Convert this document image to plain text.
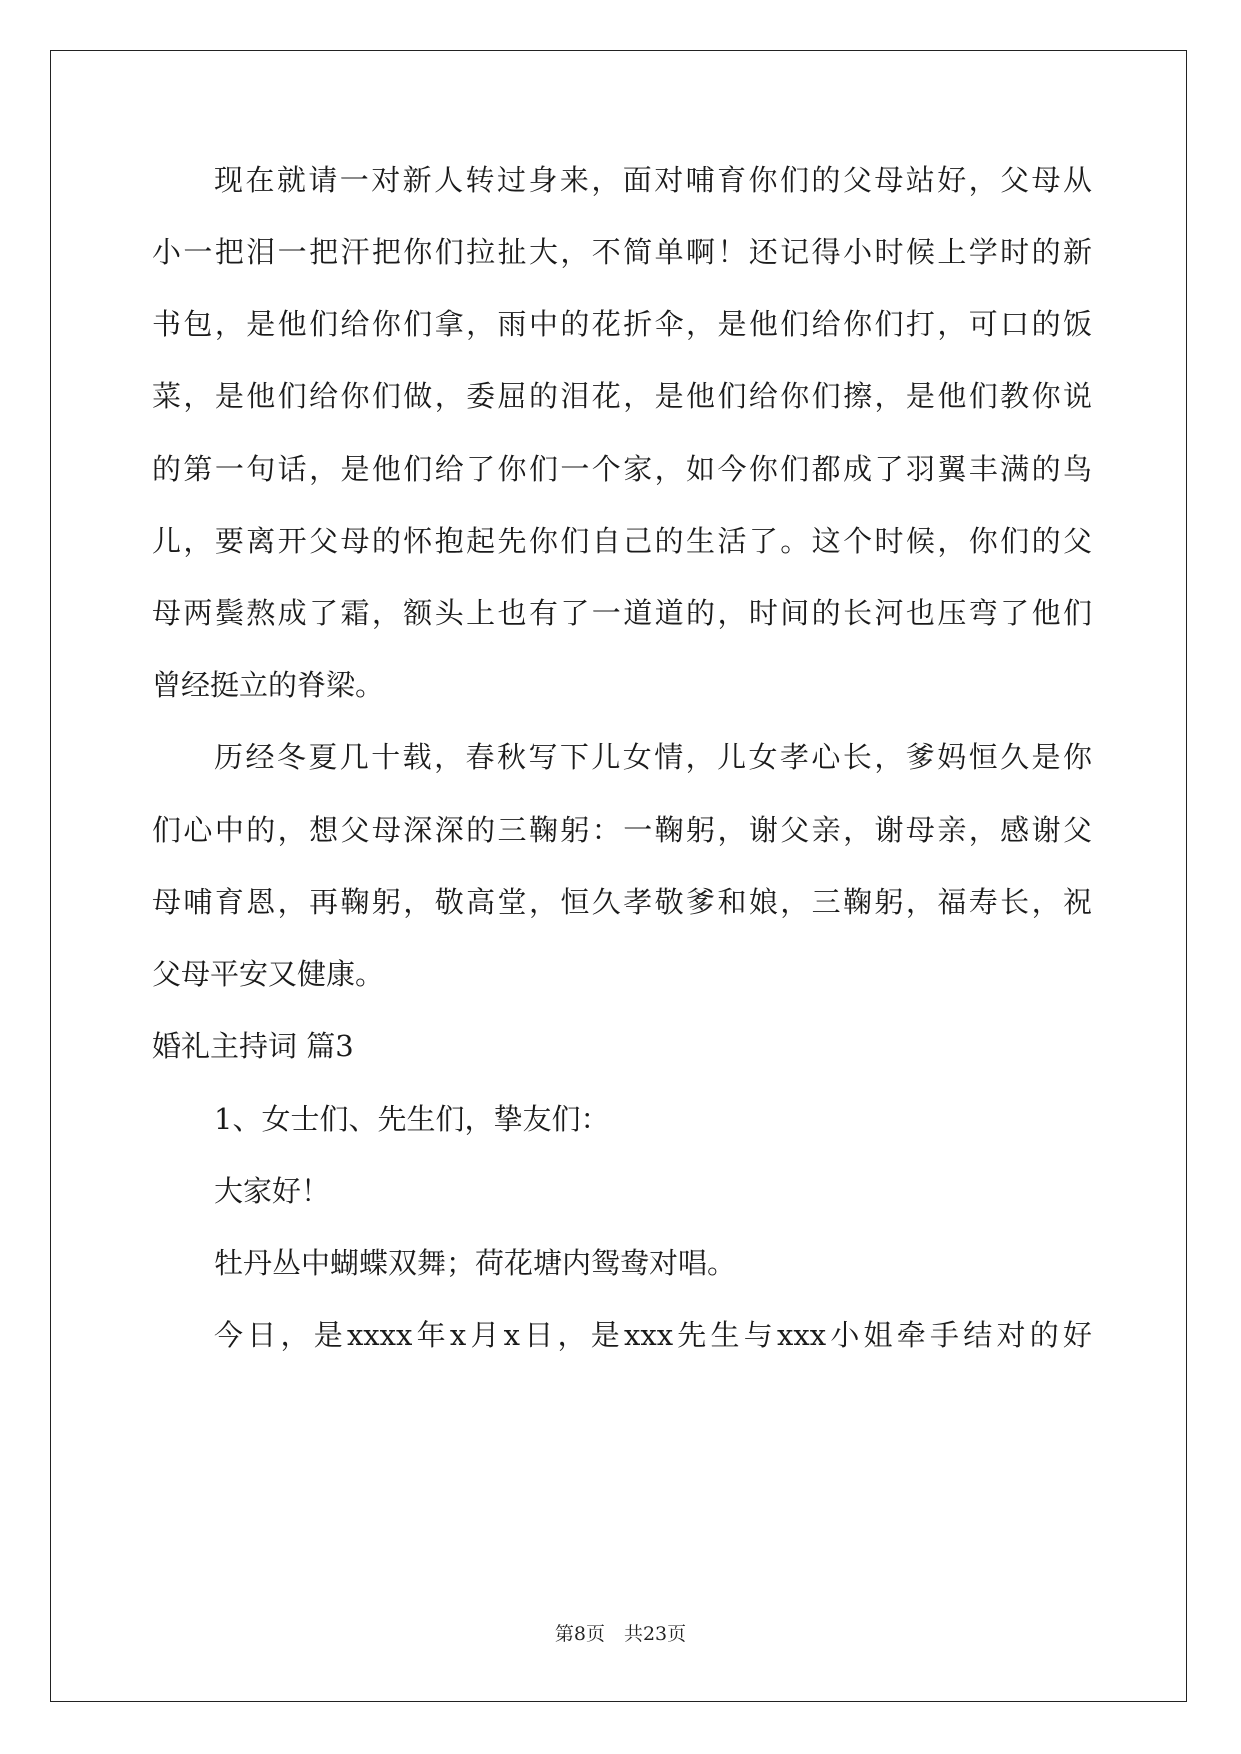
现在就请一对新人转过身来，面对哺育你们的父母站好，父母从
小一把泪一把汗把你们拉扯大，不简单啊！还记得小时候上学时的新
书包，是他们给你们拿，雨中的花折伞，是他们给你们打，可口的饭
菜，是他们给你们做，委屈的泪花，是他们给你们擦，是他们教你说
的第一句话，是他们给了你们一个家，如今你们都成了羽翼丰满的鸟
儿，要离开父母的怀抱起先你们自己的生活了。这个时候，你们的父
母两鬓熬成了霜，额头上也有了一道道的，时间的长河也压弯了他们
曾经挺立的脊梁。
历经冬夏几十载，春秋写下儿女情，儿女孝心长，爹妈恒久是你
们心中的，想父母深深的三鞠躬：一鞠躬，谢父亲，谢母亲，感谢父
母哺育恩，再鞠躬，敬高堂，恒久孝敬爹和娘，三鞠躬，福寿长，祝
父母平安又健康。
婚礼主持词 篇3
1、女士们、先生们，挚友们：
大家好！
牡丹丛中蝴蝶双舞；荷花塘内鸳鸯对唱。
今日，是xxxx年x月x日，是xxx先生与xxx小姐牵手结对的好
第8页　共23页
